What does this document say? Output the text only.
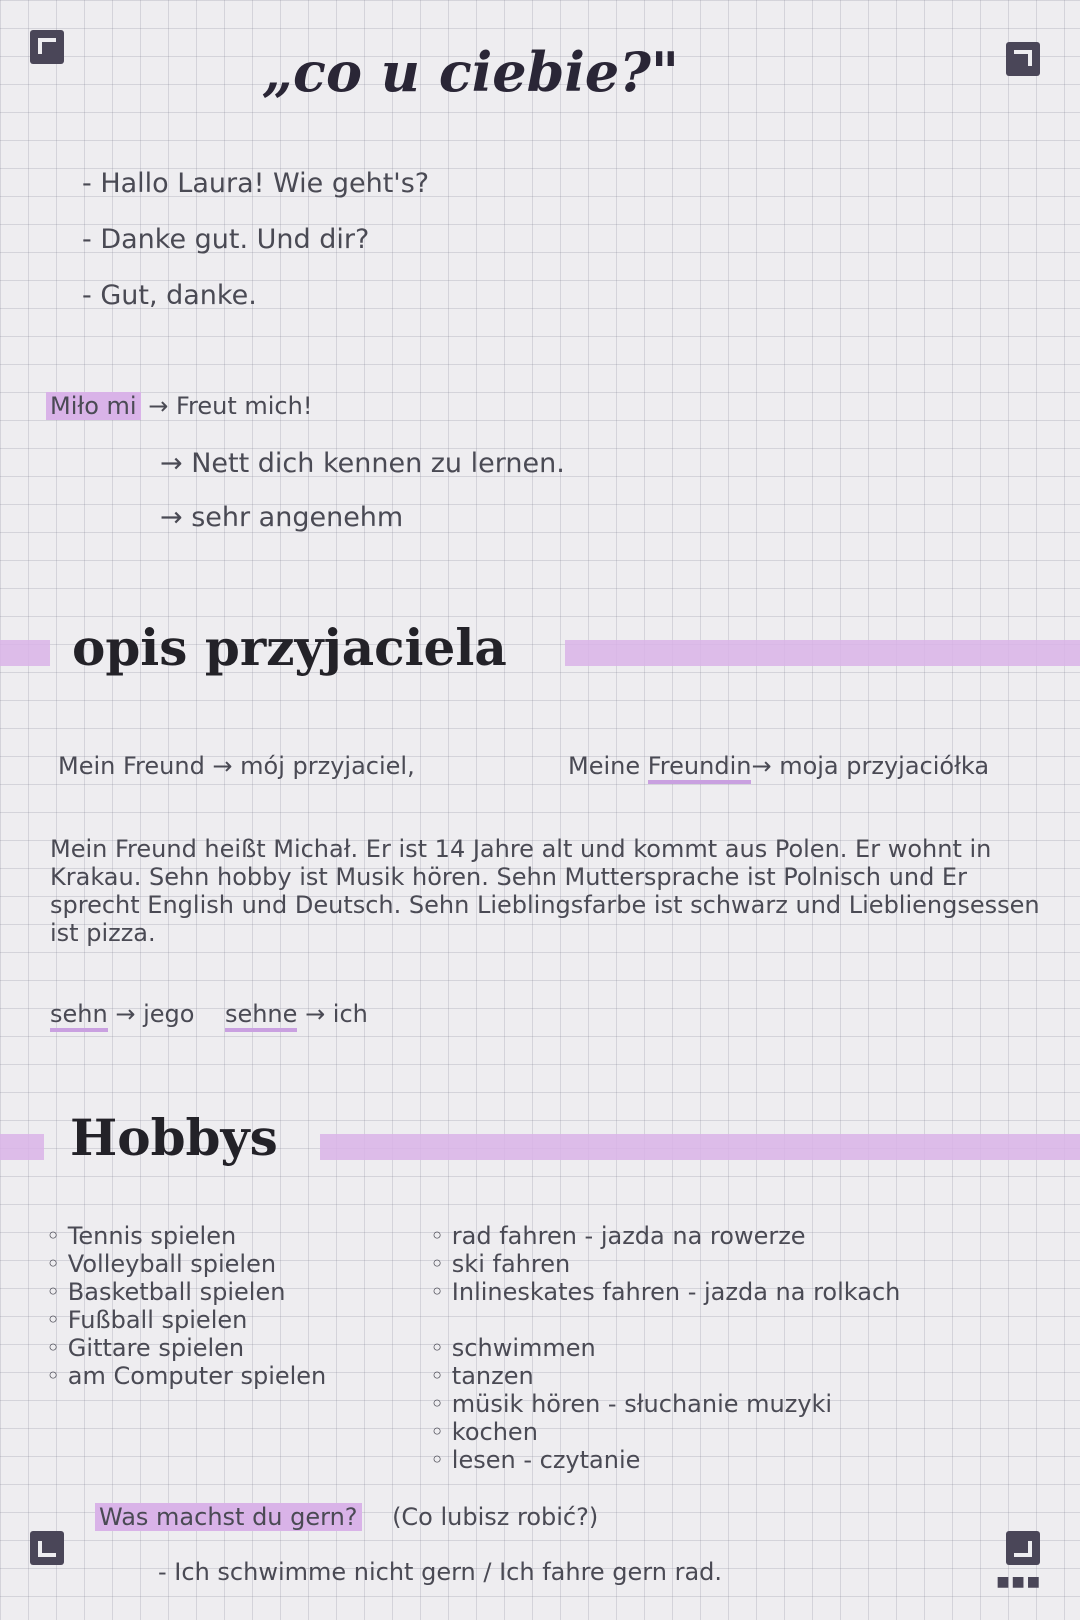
■■■
„co u ciebie?"
- Hallo Laura! Wie geht's?
- Danke gut. Und dir?
- Gut, danke.
Miło mi → Freut mich!
→ Nett dich kennen zu lernen.
→ sehr angenehm
opis przyjaciela
Mein Freund → mój przyjaciel,	Meine Freundin→ moja przyjaciółka
Mein Freund heißt Michał. Er ist 14 Jahre alt und kommt aus Polen. Er wohnt in Krakau. Sehn hobby ist Musik hören. Sehn Muttersprache ist Polnisch und Er sprecht English und Deutsch. Sehn Lieblingsfarbe ist schwarz und Liebliengsessen ist pizza.
sehn → jego sehne → ich
Hobbys
◦ Tennis spielen
◦ Volleyball spielen
◦ Basketball spielen
◦ Fußball spielen
◦ Gittare spielen
◦ am Computer spielen
◦ rad fahren - jazda na rowerze
◦ ski fahren
◦ Inlineskates fahren - jazda na rolkach
◦ schwimmen
◦ tanzen
◦ müsik hören - słuchanie muzyki
◦ kochen
◦ lesen - czytanie
Was machst du gern? (Co lubisz robić?)
- Ich schwimme nicht gern / Ich fahre gern rad.
